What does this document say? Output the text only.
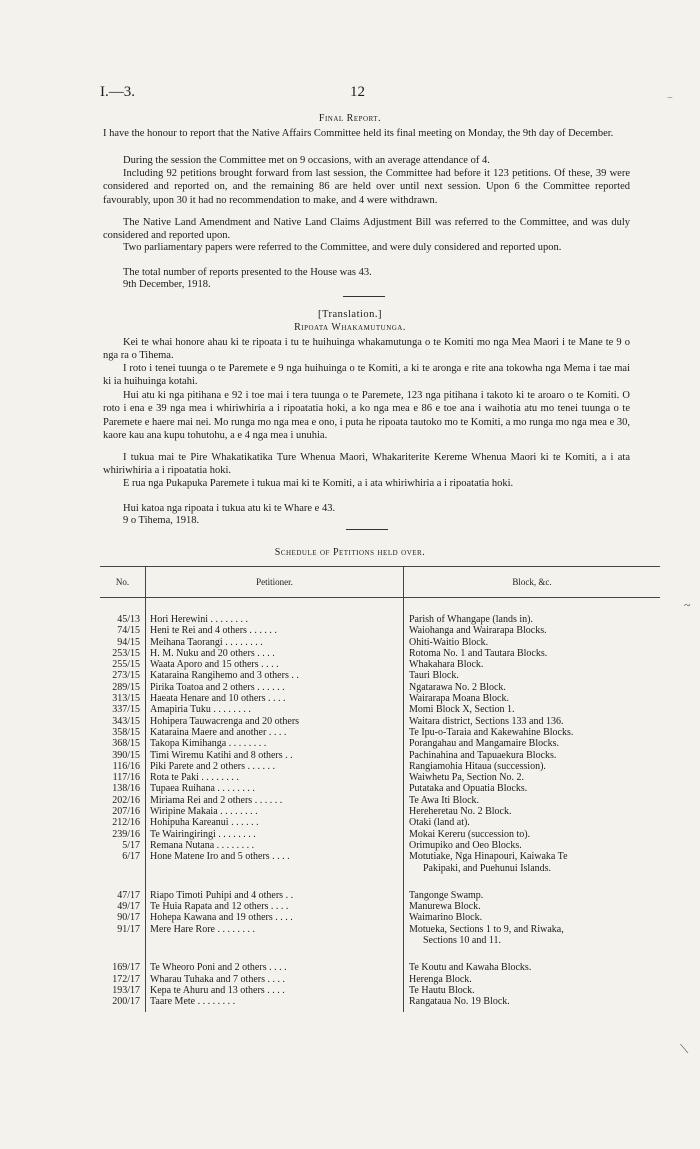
I.—3.	12
Final Report.

I have the honour to report that the Native Affairs Committee held its final meeting on Monday, the 9th day of December.

During the session the Committee met on 9 occasions, with an average attendance of 4.

Including 92 petitions brought forward from last session, the Committee had before it 123 petitions. Of these, 39 were considered and reported on, and the remaining 86 are held over until next session. Upon 6 the Committee reported favourably, upon 30 it had no recommendation to make, and 4 were withdrawn.

The Native Land Amendment and Native Land Claims Adjustment Bill was referred to the Committee, and was duly considered and reported upon.

Two parliamentary papers were referred to the Committee, and were duly considered and reported upon.

The total number of reports presented to the House was 43.

9th December, 1918.
[Translation.]
Ripoata Whakamutunga.

Kei te whai honore ahau ki te ripoata i tu te huihuinga whakamutunga o te Komiti mo nga Mea Maori i te Mane te 9 o nga ra o Tihema.

I roto i tenei tuunga o te Paremete e 9 nga huihuinga o te Komiti, a ki te aronga e rite ana tokowha nga Mema i tae mai ki ia huihuinga kotahi.

Hui atu ki nga pitihana e 92 i toe mai i tera tuunga o te Paremete, 123 nga pitihana i takoto ki te aroaro o te Komiti. O roto i ena e 39 nga mea i whiriwhiria a i ripoatatia hoki, a ko nga mea e 86 e toe ana i waihotia atu mo tenei tuunga o te Paremete e haere mai nei. Mo runga mo nga mea e ono, i puta he ripoata tautoko mo te Komiti, a mo runga mo nga mea e 30, kaore kau ana kupu tohutohu, a e 4 nga mea i unuhia.

I tukua mai te Pire Whakatikatika Ture Whenua Maori, Whakariterite Kereme Whenua Maori ki te Komiti, a i ata whiriwhiria a i ripoatatia hoki.

E rua nga Pukapuka Paremete i tukua mai ki te Komiti, a i ata whiriwhiria a i ripoatatia hoki.

Hui katoa nga ripoata i tukua atu ki te Whare e 43.

9 o Tihema, 1918.
Schedule of Petitions held over.
No.	Petitioner.	Block, &c.

45/13	Hori Herewini . . . . . . . .	Parish of Whangape (lands in).

74/15	Heni te Rei and 4 others . . . . . .	Waiohanga and Wairarapa Blocks.

94/15	Meihana Taorangi . . . . . . . .	Ohiti-Waitio Block.

253/15	H. M. Nuku and 20 others . . . .	Rotoma No. 1 and Tautara Blocks.

255/15	Waata Aporo and 15 others . . . .	Whakahara Block.

273/15	Kataraina Rangihemo and 3 others . .	Tauri Block.

289/15	Pirika Toatoa and 2 others . . . . . .	Ngatarawa No. 2 Block.

313/15	Haeata Henare and 10 others . . . .	Wairarapa Moana Block.

337/15	Amapiria Tuku . . . . . . . .	Momi Block X, Section 1.

343/15	Hohipera Tauwacrenga and 20 others	Waitara district, Sections 133 and 136.

358/15	Kataraina Maere and another . . . .	Te Ipu-o-Taraia and Kakewahine Blocks.

368/15	Takopa Kimihanga . . . . . . . .	Porangahau and Mangamaire Blocks.

390/15	Timi Wiremu Katihi and 8 others . .	Pachinahina and Tapuaekura Blocks.

116/16	Piki Parete and 2 others . . . . . .	Rangiamohia Hitaua (succession).

117/16	Rota te Paki . . . . . . . .	Waiwhetu Pa, Section No. 2.

138/16	Tupaea Ruihana . . . . . . . .	Putataka and Opuatia Blocks.

202/16	Miriama Rei and 2 others . . . . . .	Te Awa Iti Block.

207/16	Wiripine Makaia . . . . . . . .	Hereheretau No. 2 Block.

212/16	Hohipuha Kareanui . . . . . .	Otaki (land at).

239/16	Te Wairingiringi . . . . . . . .	Mokai Kereru (succession to).

5/17	Remana Nutana . . . . . . . .	Orimupiko and Oeo Blocks.

6/17	Hone Matene Iro and 5 others . . . .	Motutiake, Nga Hinapouri, Kaiwaka Te
Pakipaki, and Puehunui Islands.

47/17	Riapo Timoti Puhipi and 4 others . .	Tangonge Swamp.

49/17	Te Huia Rapata and 12 others . . . .	Manurewa Block.

90/17	Hohepa Kawana and 19 others . . . .	Waimarino Block.

91/17	Mere Hare Rore . . . . . . . .	Motueka, Sections 1 to 9, and Riwaka,
Sections 10 and 11.

169/17	Te Wheoro Poni and 2 others . . . .	Te Koutu and Kawaha Blocks.

172/17	Wharau Tuhaka and 7 others . . . .	Herenga Block.

193/17	Kepa te Ahuru and 13 others . . . .	Te Hautu Block.

200/17	Taare Mete . . . . . . . .	Rangataua No. 19 Block.

‾
~
⟍
